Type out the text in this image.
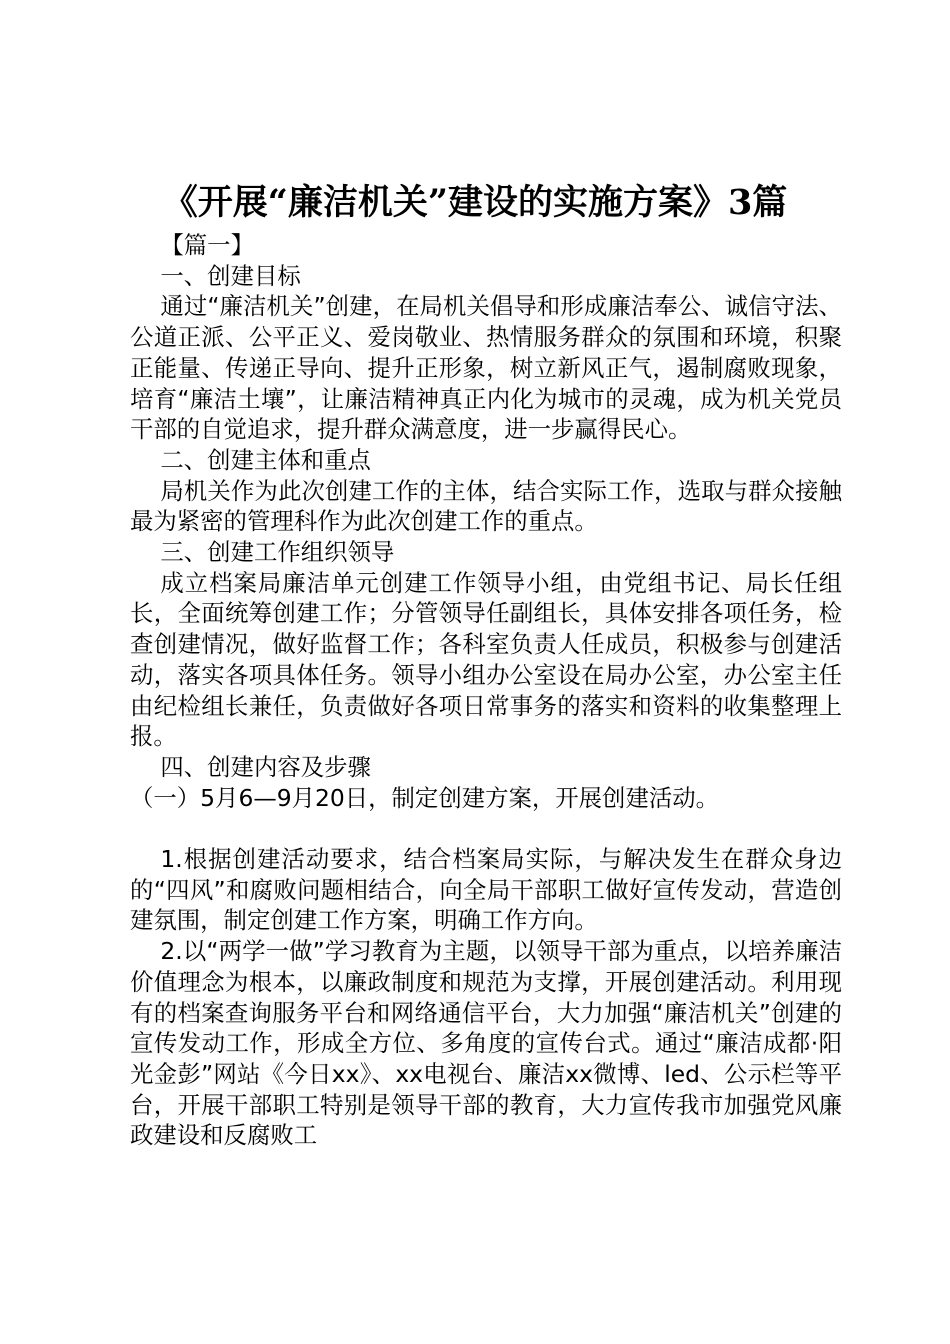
《开展“廉洁机关”建设的实施方案》3篇

【篇一】

一、创建目标

通过“廉洁机关”创建，在局机关倡导和形成廉洁奉公、诚信守法、公道正派、公平正义、爱岗敬业、热情服务群众的氛围和环境，积聚正能量、传递正导向、提升正形象，树立新风正气，遏制腐败现象，培育“廉洁土壤”，让廉洁精神真正内化为城市的灵魂，成为机关党员干部的自觉追求，提升群众满意度，进一步赢得民心。

二、创建主体和重点

局机关作为此次创建工作的主体，结合实际工作，选取与群众接触最为紧密的管理科作为此次创建工作的重点。

三、创建工作组织领导

成立档案局廉洁单元创建工作领导小组，由党组书记、局长任组长，全面统筹创建工作；分管领导任副组长，具体安排各项任务，检查创建情况，做好监督工作；各科室负责人任成员，积极参与创建活动，落实各项具体任务。领导小组办公室设在局办公室，办公室主任由纪检组长兼任，负责做好各项日常事务的落实和资料的收集整理上报。

四、创建内容及步骤

（一）5月6—9月20日，制定创建方案，开展创建活动。

1.根据创建活动要求，结合档案局实际，与解决发生在群众身边的“四风”和腐败问题相结合，向全局干部职工做好宣传发动，营造创建氛围，制定创建工作方案，明确工作方向。

2.以“两学一做”学习教育为主题，以领导干部为重点，以培养廉洁价值理念为根本，以廉政制度和规范为支撑，开展创建活动。利用现有的档案查询服务平台和网络通信平台，大力加强“廉洁机关”创建的宣传发动工作，形成全方位、多角度的宣传台式。通过“廉洁成都·阳光金彭”网站《今日xx》、xx电视台、廉洁xx微博、led、公示栏等平台，开展干部职工特别是领导干部的教育，大力宣传我市加强党风廉政建设和反腐败工
